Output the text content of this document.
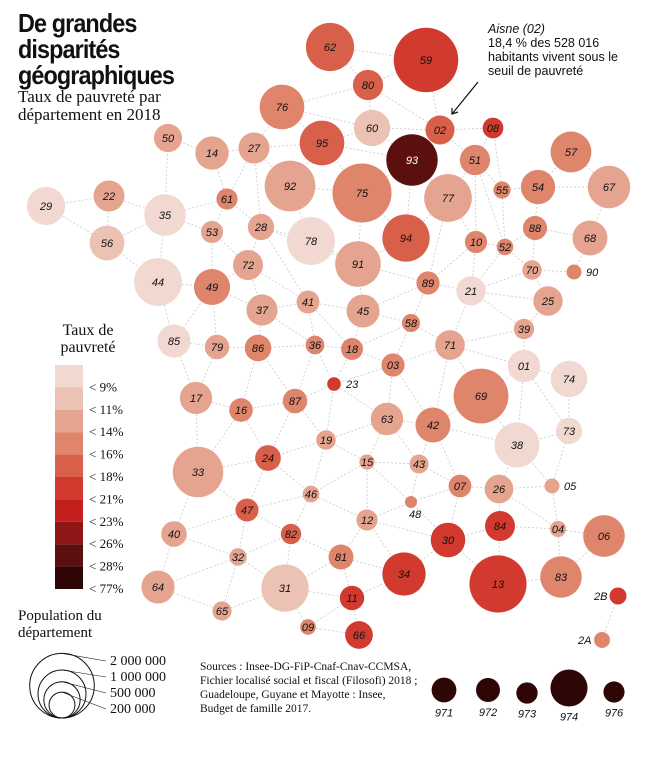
62
59
80
76
60	02	08
50
14	27	95
93	51
57
92
75	77
55 54	67
29
22	61
35
53	28
78	94	10 52
88
68
56
72	91	70	90
44	49	89
21
25
41
37	45
58	39
85	79	86	36 18	71
01
74
03
23
69
17	87
16
63	42	73
38
19
15	43
24
33
07 26	05
46
48
47
12	84	04
06
40	82	30
32	81
34	83
13
64	31
2B
11
65
09
66	2A
971 972 973 974 976
< 9%
< 11%
< 14%
< 16%
< 18%
< 21%
< 23%
< 26%
< 28%
< 77%
De grandes disparités géographiques
Taux de pauvreté par département en 2018
Aisne (02)
18,4 % des 528 016 habitants vivent sous le seuil de pauvreté
Taux de pauvreté
Population du département
2 000 000
1 000 000
500 000
200 000
Sources : Insee-DG-FiP-Cnaf-Cnav-CCMSA, Fichier localisé social et fiscal (Filosofi) 2018 ; Guadeloupe, Guyane et Mayotte : Insee, Budget de famille 2017.
